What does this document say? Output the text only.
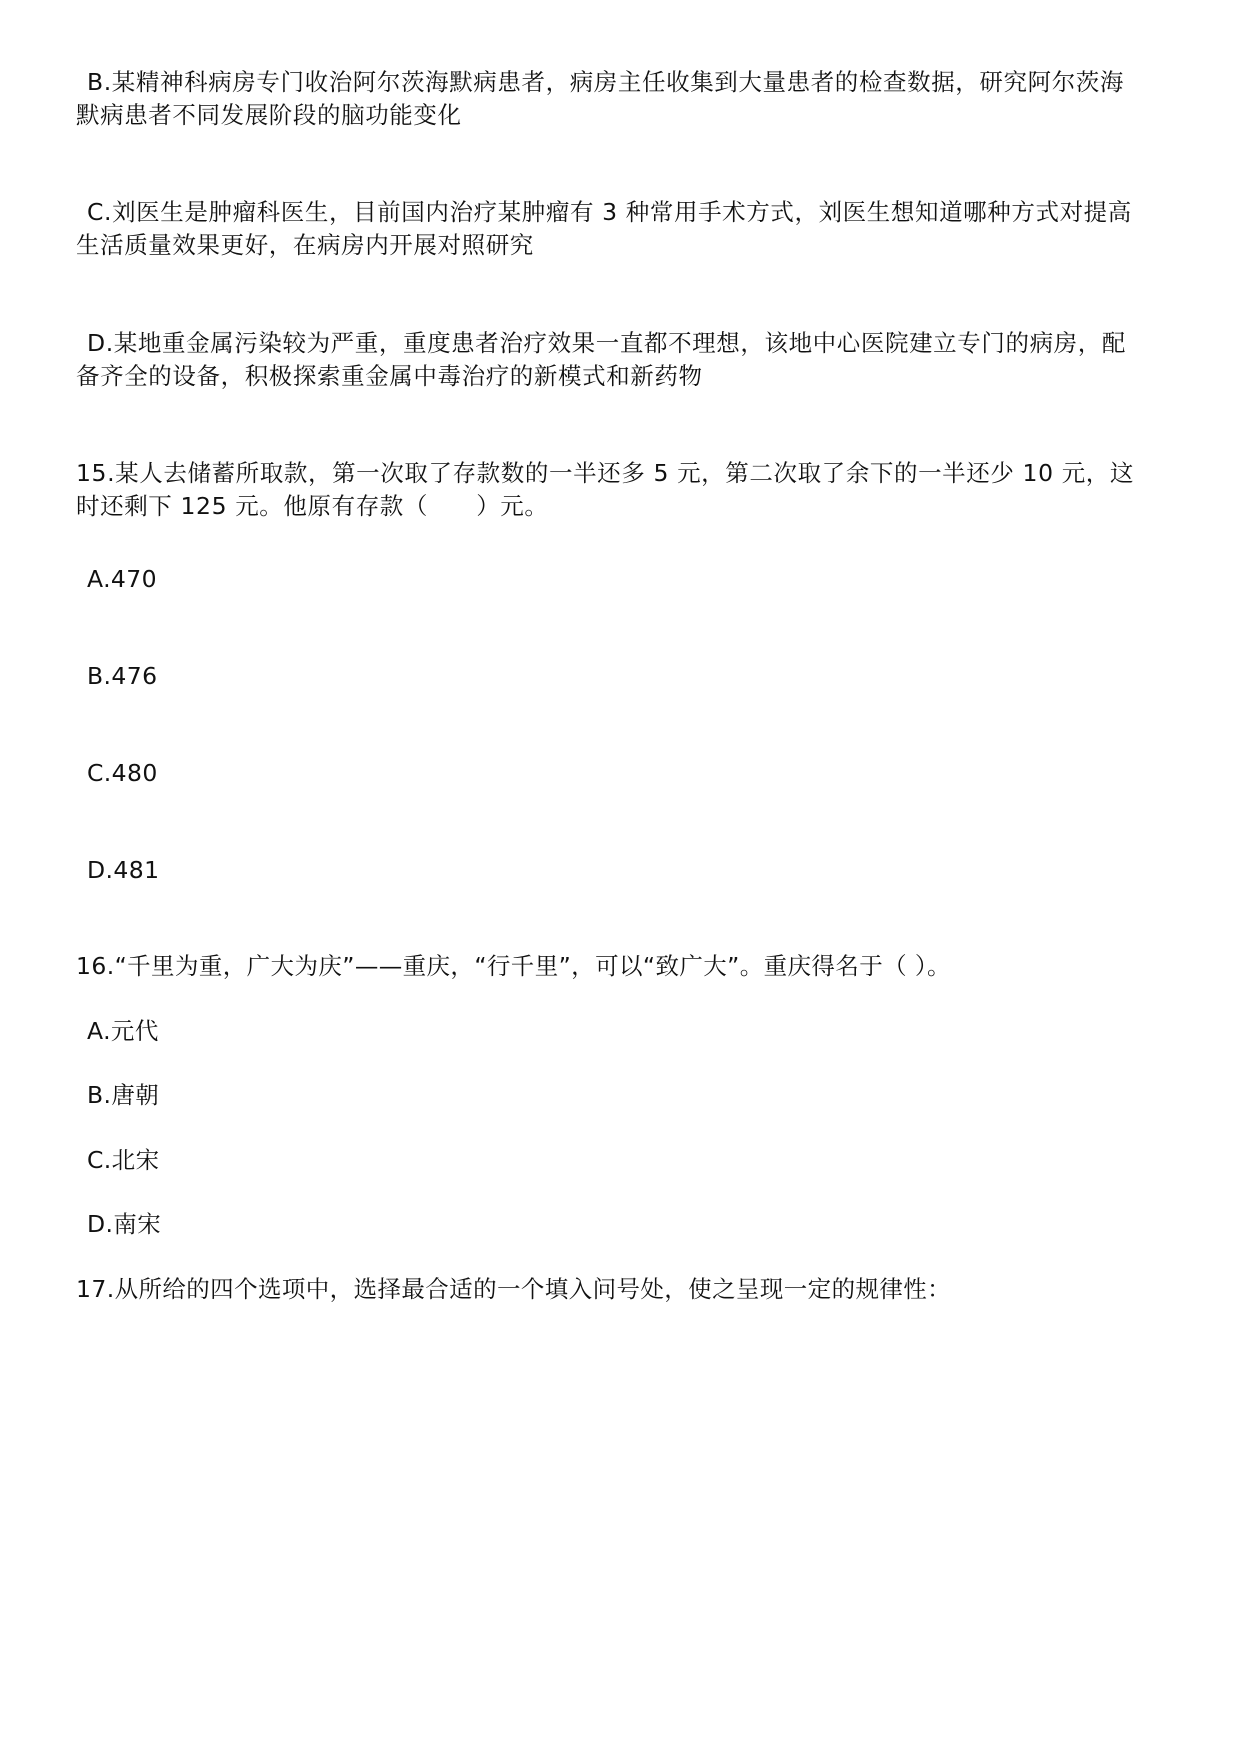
B.某精神科病房专门收治阿尔茨海默病患者，病房主任收集到大量患者的检查数据，研究阿尔茨海
默病患者不同发展阶段的脑功能变化
C.刘医生是肿瘤科医生，目前国内治疗某肿瘤有 3 种常用手术方式，刘医生想知道哪种方式对提高
生活质量效果更好，在病房内开展对照研究
D.某地重金属污染较为严重，重度患者治疗效果一直都不理想，该地中心医院建立专门的病房，配
备齐全的设备，积极探索重金属中毒治疗的新模式和新药物
15.某人去储蓄所取款，第一次取了存款数的一半还多 5 元，第二次取了余下的一半还少 10 元，这
时还剩下 125 元。他原有存款（　　）元。
A.470
B.476
C.480
D.481
16.“千里为重，广大为庆”——重庆，“行千里”，可以“致广大”。重庆得名于（ ）。
A.元代
B.唐朝
C.北宋
D.南宋
17.从所给的四个选项中，选择最合适的一个填入问号处，使之呈现一定的规律性：
